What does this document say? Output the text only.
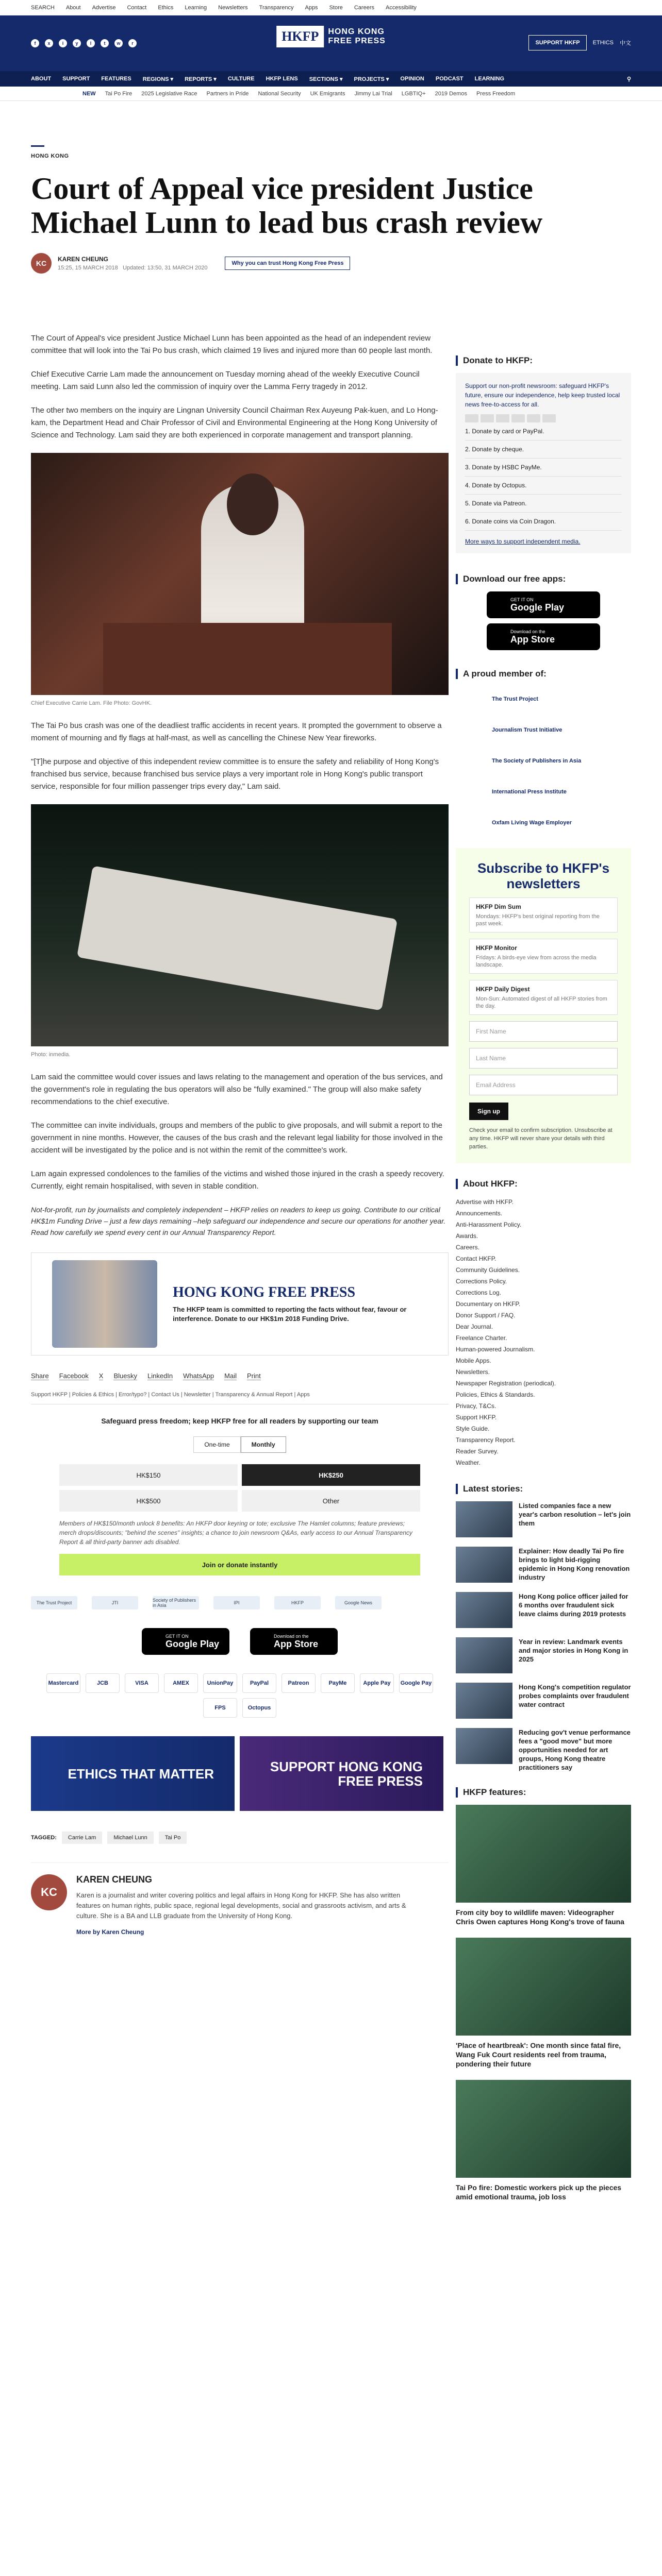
SEARCH About Advertise Contact Ethics Learning Newsletters Transparency Apps Store Careers Accessibility
f	x	i	y	l	t	w	r	HKFP	HONG KONG
FREE PRESS	SUPPORT HKFP	ETHICS 中文
ABOUT SUPPORT FEATURES REGIONS ▾ REPORTS ▾ CULTURE HKFP LENS SECTIONS ▾ PROJECTS ▾ OPINION PODCAST LEARNING	⚲
NEW Tai Po Fire 2025 Legislative Race Partners in Pride National Security UK Emigrants Jimmy Lai Trial LGBTIQ+ 2019 Demos Press Freedom
HONG KONG
Court of Appeal vice president Justice Michael Lunn to lead bus crash review
KC	KAREN CHEUNG
15:25, 15 MARCH 2018 Updated: 13:50, 31 MARCH 2020
Why you can trust Hong Kong Free Press

The Court of Appeal's vice president Justice Michael Lunn has been appointed as the head of an independent review committee that will look into the Tai Po bus crash, which claimed 19 lives and injured more than 60 people last month.

Chief Executive Carrie Lam made the announcement on Tuesday morning ahead of the weekly Executive Council meeting. Lam said Lunn also led the commission of inquiry over the Lamma Ferry tragedy in 2012.

The other two members on the inquiry are Lingnan University Council Chairman Rex Auyeung Pak-kuen, and Lo Hong-kam, the Department Head and Chair Professor of Civil and Environmental Engineering at the Hong Kong University of Science and Technology. Lam said they are both experienced in corporate management and transport planning.

Chief Executive Carrie Lam. File Photo: GovHK.

The Tai Po bus crash was one of the deadliest traffic accidents in recent years. It prompted the government to observe a moment of mourning and fly flags at half-mast, as well as cancelling the Chinese New Year fireworks.

"[T]he purpose and objective of this independent review committee is to ensure the safety and reliability of Hong Kong's franchised bus service, because franchised bus service plays a very important role in Hong Kong's public transport service, responsible for four million passenger trips every day," Lam said.

Photo: inmedia.

Lam said the committee would cover issues and laws relating to the management and operation of the bus services, and the government's role in regulating the bus operators will also be "fully examined." The group will also make safety recommendations to the chief executive.

The committee can invite individuals, groups and members of the public to give proposals, and will submit a report to the government in nine months. However, the causes of the bus crash and the relevant legal liability for those involved in the accident will be investigated by the police and is not within the remit of the committee's work.

Lam again expressed condolences to the families of the victims and wished those injured in the crash a speedy recovery. Currently, eight remain hospitalised, with seven in stable condition.

Not-for-profit, run by journalists and completely independent – HKFP relies on readers to keep us going. Contribute to our critical HK$1m Funding Drive – just a few days remaining –help safeguard our independence and secure our operations for another year. Read how carefully we spend every cent in our Annual Transparency Report.
HONG KONG FREE PRESS
The HKFP team is committed to reporting the facts without fear, favour or interference. Donate to our HK$1m 2018 Funding Drive.
Share Facebook X Bluesky LinkedIn WhatsApp Mail Print
Support HKFP | Policies & Ethics | Error/typo? | Contact Us | Newsletter | Transparency & Annual Report | Apps
Safeguard press freedom; keep HKFP free for all readers by supporting our team
One-time	Monthly
HK$150	HK$250
HK$500	Other
Members of HK$150/month unlock 8 benefits: An HKFP door keyring or tote; exclusive The Hamlet columns; feature previews; merch drops/discounts; "behind the scenes" insights; a chance to join newsroom Q&As, early access to our Annual Transparency Report & all third-party banner ads disabled.
Join or donate instantly
The Trust Project	JTI	Society of Publishers in Asia	IPI	HKFP	Google News
GET IT ON
Google Play
Download on the
App Store
Mastercard	JCB	VISA	AMEX	UnionPay	PayPal	Patreon	PayMe	Apple Pay	Google Pay
FPS	Octopus
ETHICS THAT MATTER	SUPPORT HONG KONG FREE PRESS
TAGGED:	Carrie Lam	Michael Lunn	Tai Po
KC
KAREN CHEUNG
Karen is a journalist and writer covering politics and legal affairs in Hong Kong for HKFP. She has also written features on human rights, public space, regional legal developments, social and grassroots activism, and arts & culture. She is a BA and LLB graduate from the University of Hong Kong.
More by Karen Cheung
Donate to HKFP:
Support our non-profit newsroom: safeguard HKFP's future, ensure our independence, help keep trusted local news free-to-access for all.
1. Donate by card or PayPal.
2. Donate by cheque.
3. Donate by HSBC PayMe.
4. Donate by Octopus.
5. Donate via Patreon.
6. Donate coins via Coin Dragon.
More ways to support independent media.
Download our free apps:
GET IT ON
Google Play
Download on the
App Store
A proud member of:
The Trust Project
Journalism Trust Initiative
The Society of Publishers in Asia
International Press Institute
Oxfam Living Wage Employer
Subscribe to HKFP's newsletters
HKFP Dim Sum
Mondays: HKFP's best original reporting from the past week.
HKFP Monitor
Fridays: A birds-eye view from across the media landscape.
HKFP Daily Digest
Mon-Sun: Automated digest of all HKFP stories from the day.
First Name
Last Name
Email Address
Sign up
Check your email to confirm subscription. Unsubscribe at any time. HKFP will never share your details with third parties.
About HKFP:
Advertise with HKFP.
Announcements.
Anti-Harassment Policy.
Awards.
Careers.
Contact HKFP.
Community Guidelines.
Corrections Policy.
Corrections Log.
Documentary on HKFP.
Donor Support / FAQ.
Dear Journal.
Freelance Charter.
Human-powered Journalism.
Mobile Apps.
Newsletters.
Newspaper Registration (periodical).
Policies, Ethics & Standards.
Privacy, T&Cs.
Support HKFP.
Style Guide.
Transparency Report.
Reader Survey.
Weather.
Latest stories:
Listed companies face a new year's carbon resolution – let's join them
Explainer: How deadly Tai Po fire brings to light bid-rigging epidemic in Hong Kong renovation industry
Hong Kong police officer jailed for 6 months over fraudulent sick leave claims during 2019 protests
Year in review: Landmark events and major stories in Hong Kong in 2025
Hong Kong's competition regulator probes complaints over fraudulent water contract
Reducing gov't venue performance fees a "good move" but more opportunities needed for art groups, Hong Kong theatre practitioners say
HKFP features:
From city boy to wildlife maven: Videographer Chris Owen captures Hong Kong's trove of fauna
'Place of heartbreak': One month since fatal fire, Wang Fuk Court residents reel from trauma, pondering their future
Tai Po fire: Domestic workers pick up the pieces amid emotional trauma, job loss
